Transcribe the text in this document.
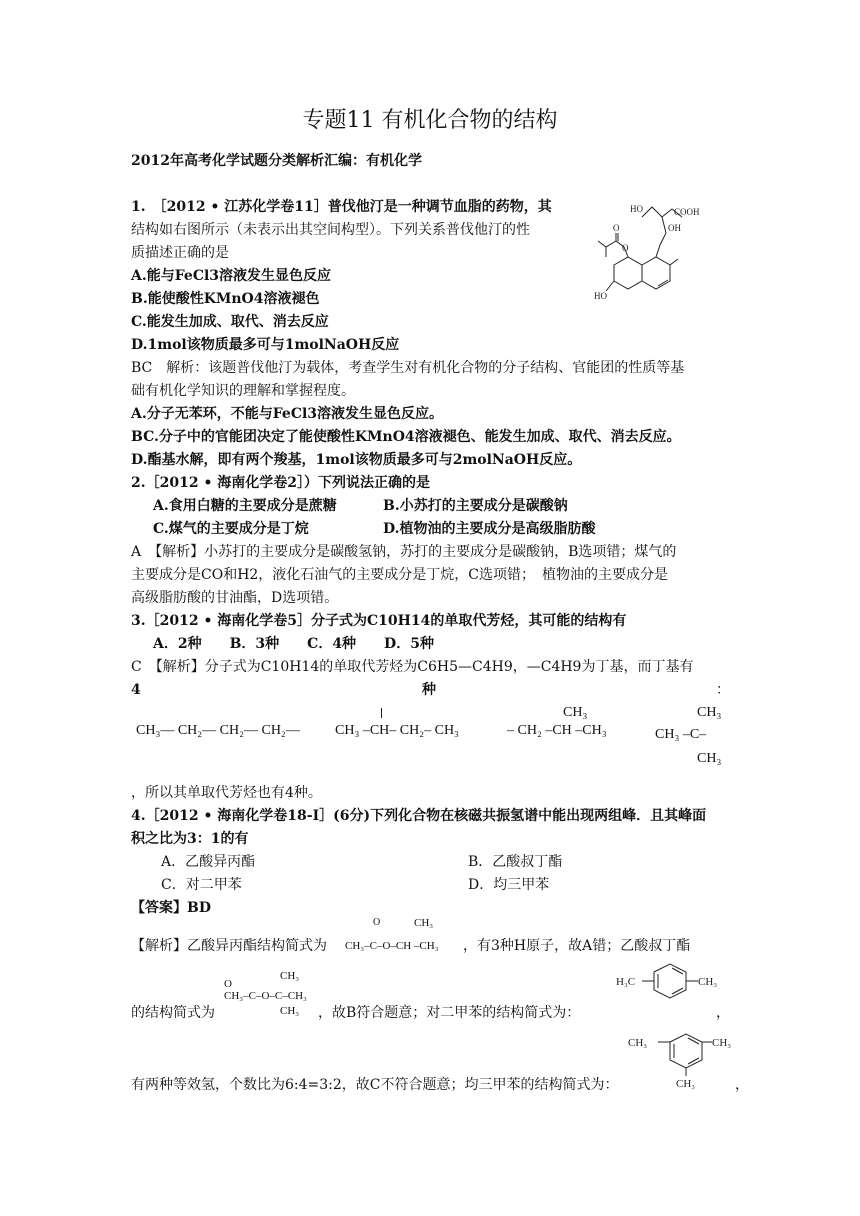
专题11 有机化合物的结构
2012年高考化学试题分类解析汇编：有机化学
1.　［2012 • 江苏化学卷11］普伐他汀是一种调节血脂的药物，其
结构如右图所示（未表示出其空间构型）。下列关系普伐他汀的性
质描述正确的是
A.能与FeCl3溶液发生显色反应
B.能使酸性KMnO4溶液褪色
C.能发生加成、取代、消去反应
D.1mol该物质最多可与1molNaOH反应
BC　解析：该题普伐他汀为载体，考查学生对有机化合物的分子结构、官能团的性质等基
础有机化学知识的理解和掌握程度。
A.分子无苯环，不能与FeCl3溶液发生显色反应。
BC.分子中的官能团决定了能使酸性KMnO4溶液褪色、能发生加成、取代、消去反应。
D.酯基水解，即有两个羧基，1mol该物质最多可与2molNaOH反应。
HO	COOH
OH
O
O
HO
2.［2012 • 海南化学卷2］）下列说法正确的是
A.食用白糖的主要成分是蔗糖	B.小苏打的主要成分是碳酸钠
C.煤气的主要成分是丁烷	D.植物油的主要成分是高级脂肪酸
A　【解析】小苏打的主要成分是碳酸氢钠，苏打的主要成分是碳酸钠，B选项错；煤气的
主要成分是CO和H2，液化石油气的主要成分是丁烷，C选项错；　植物油的主要成分是
高级脂肪酸的甘油酯，D选项错。
3.［2012 • 海南化学卷5］分子式为C10H14的单取代芳烃，其可能的结构有
A．2种　　B．3种　　C．4种　　D．5种
C　【解析】分子式为C10H14的单取代芳烃为C6H5—C4H9，—C4H9为丁基，而丁基有
4	种	：
CH₃— CH₂— CH₂— CH₂—	CH₃ –CH– CH₂– CH₃	– CH₂ –CH –CH₃
CH₃
CH₃ –C–
CH₃
CH₃
，所以其单取代芳烃也有4种。
4.［2012 • 海南化学卷18-I］(6分)下列化合物在核磁共振氢谱中能出现两组峰．且其峰面
积之比为3：1的有
A．乙酸异丙酯	B．乙酸叔丁酯
C．对二甲苯	D．均三甲苯
【答案】BD
【解析】乙酸异丙酯结构简式为 CH₃–C–O–CH –CH₃
O	CH₃
，有3种H原子，故A错；乙酸叔丁酯
O
CH₃
CH₃–C–O–C–CH₃
CH₃
的结构简式为	，故B符合题意；对二甲苯的结构简式为：	，
H₃C	CH₃
CH₃	CH₃
CH₃
有两种等效氢，个数比为6:4=3:2，故C不符合题意；均三甲苯的结构简式为：	，
